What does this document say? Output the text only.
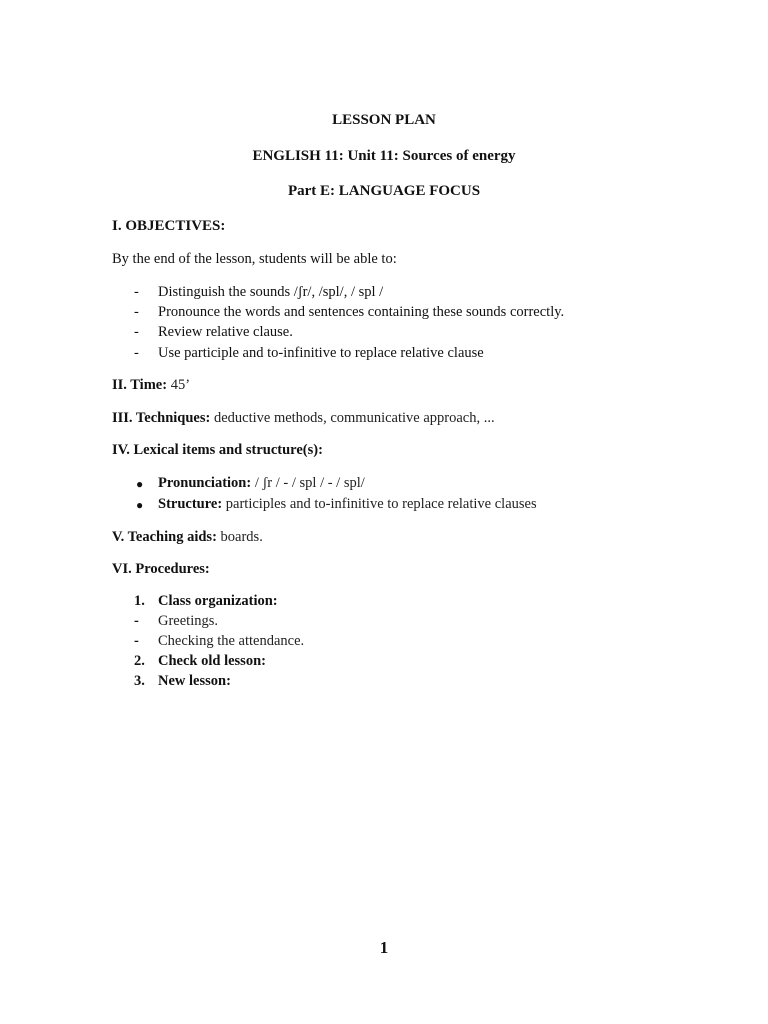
LESSON PLAN
ENGLISH 11: Unit 11: Sources of energy
Part E: LANGUAGE FOCUS
I. OBJECTIVES:
By the end of the lesson, students will be able to:
- Distinguish the sounds /ʃr/, /spl/, / spl /
- Pronounce the words and sentences containing these sounds correctly.
- Review relative clause.
- Use participle and to-infinitive to replace relative clause
II. Time: 45’
III. Techniques: deductive methods, communicative approach, ...
IV. Lexical items and structure(s):
● Pronunciation: / ʃr / - / spl / - / spl/
● Structure: participles and to-infinitive to replace relative clauses
V. Teaching aids: boards.
VI. Procedures:
1. Class organization:
- Greetings.
- Checking the attendance.
2. Check old lesson:
3. New lesson:
1
